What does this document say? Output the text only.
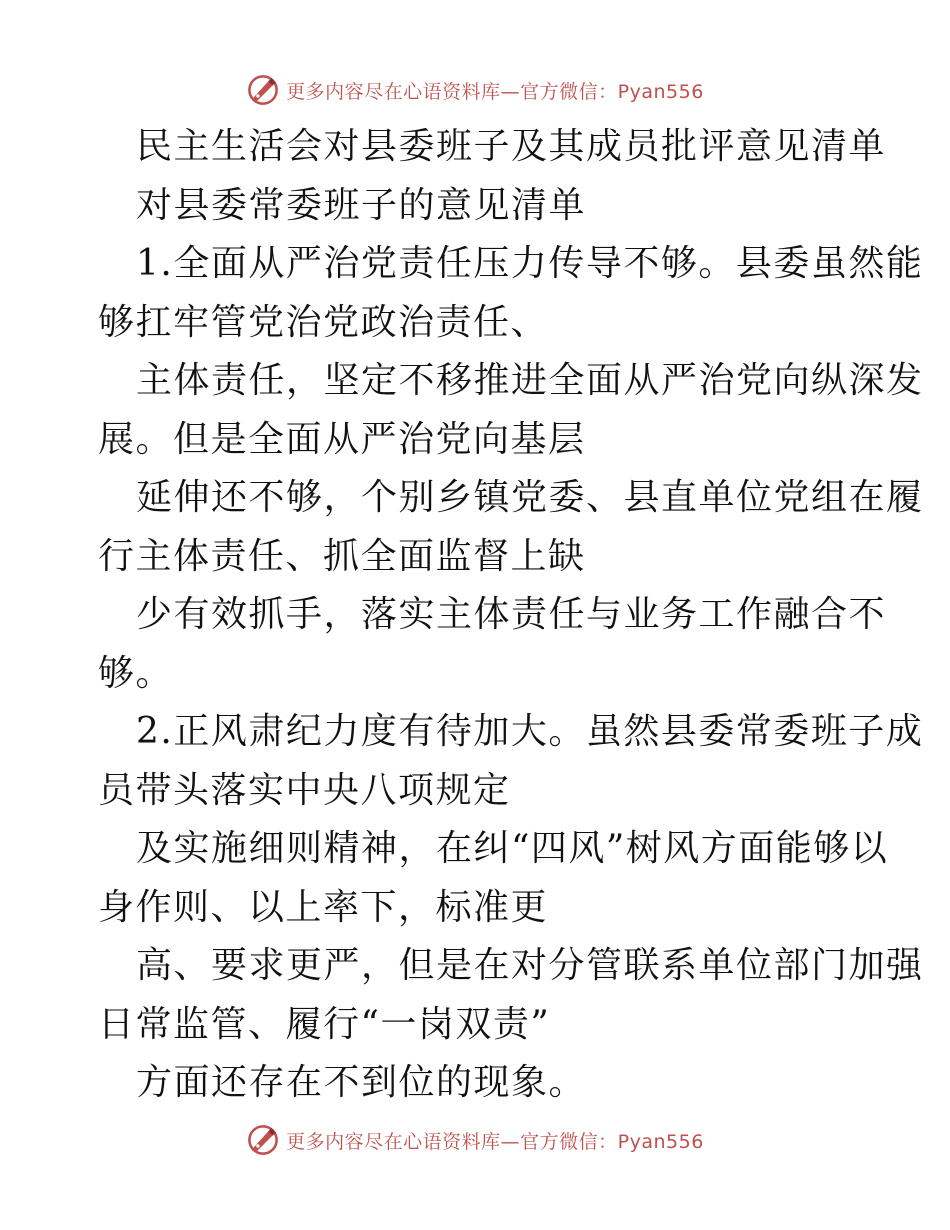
更多内容尽在心语资料库—官方微信：Pyan556
民主生活会对县委班子及其成员批评意见清单
对县委常委班子的意见清单
1.全面从严治党责任压力传导不够。县委虽然能
够扛牢管党治党政治责任、
主体责任，坚定不移推进全面从严治党向纵深发
展。但是全面从严治党向基层
延伸还不够，个别乡镇党委、县直单位党组在履
行主体责任、抓全面监督上缺
少有效抓手，落实主体责任与业务工作融合不
够。
2.正风肃纪力度有待加大。虽然县委常委班子成
员带头落实中央八项规定
及实施细则精神，在纠“四风”树风方面能够以
身作则、以上率下，标准更
高、要求更严，但是在对分管联系单位部门加强
日常监管、履行“一岗双责”
方面还存在不到位的现象。
更多内容尽在心语资料库—官方微信：Pyan556
